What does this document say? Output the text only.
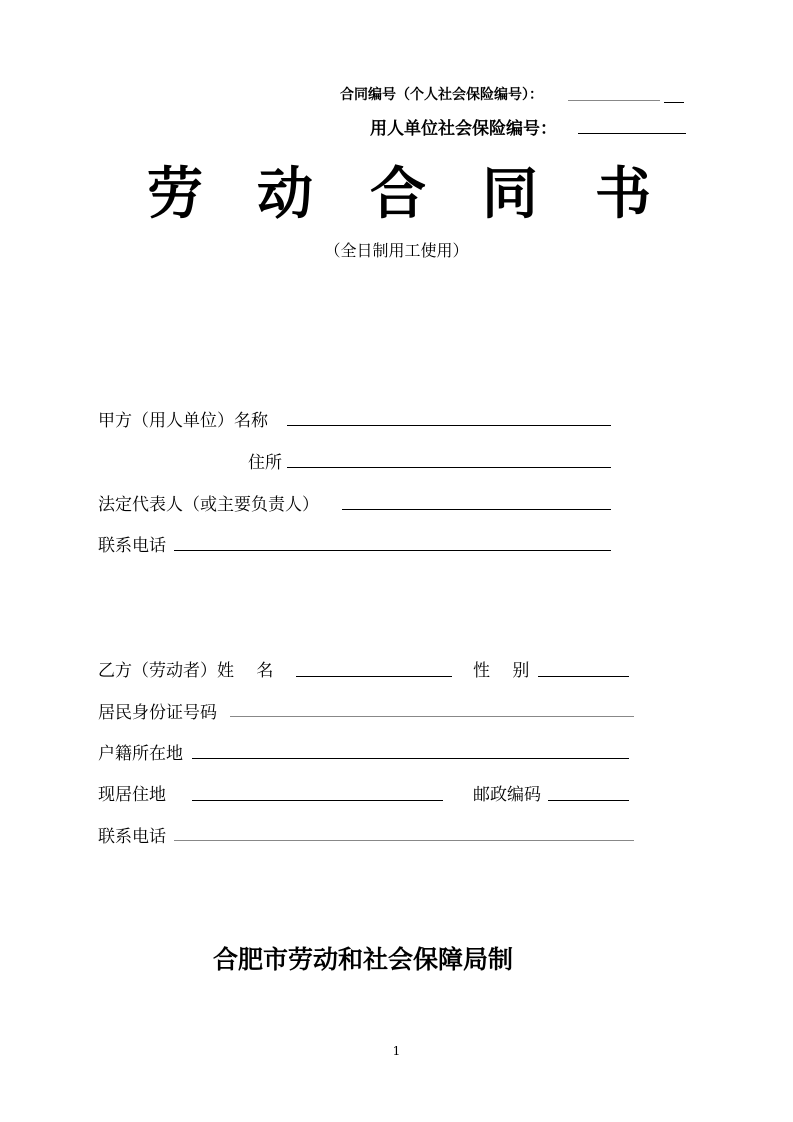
合同编号（个人社会保险编号）：
用人单位社会保险编号：
劳 动 合 同 书
（全日制用工使用）
甲方（用人单位）名称
住所
法定代表人（或主要负责人）
联系电话
乙方（劳动者）姓　 名	性　 别
居民身份证号码
户籍所在地
现居住地	邮政编码
联系电话
合肥市劳动和社会保障局制
1
